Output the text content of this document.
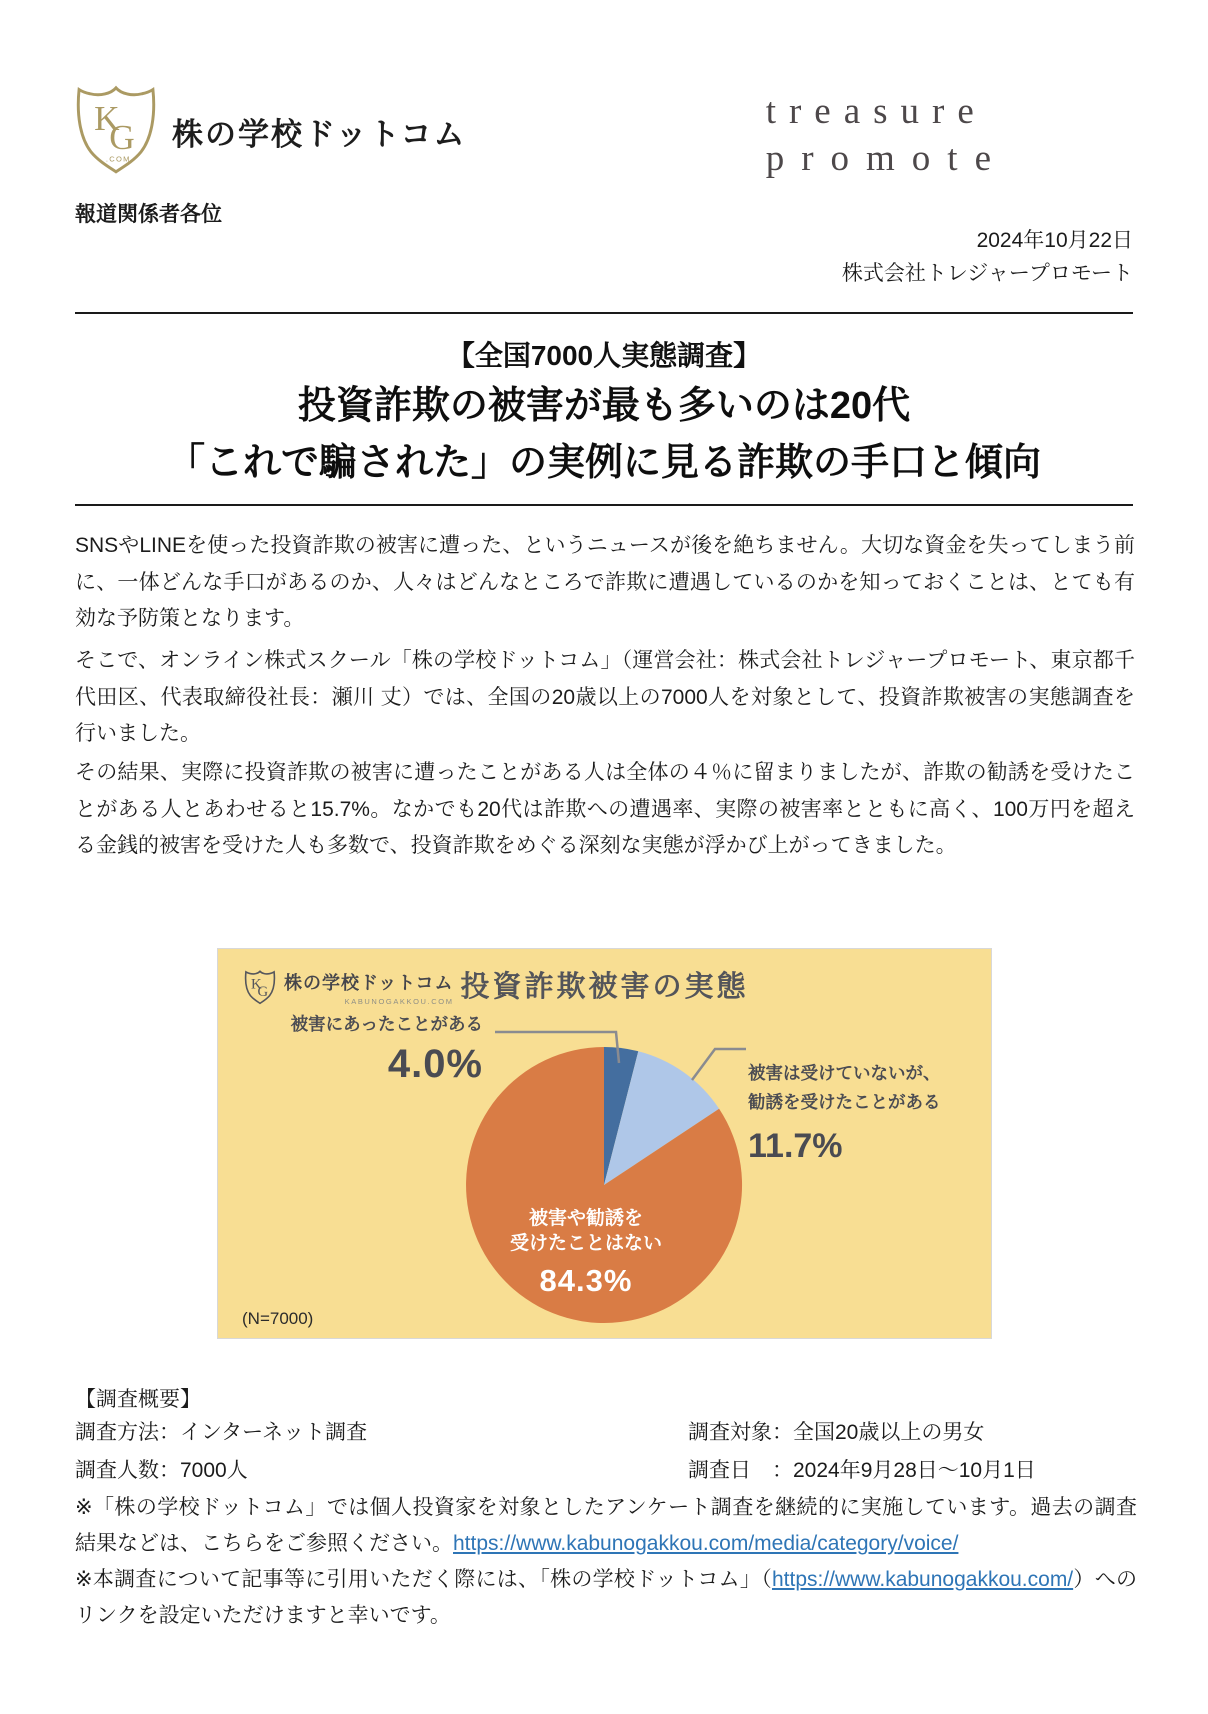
K
G
.COM
株の学校ドットコム
treasure
promote
報道関係者各位
2024年10月22日
株式会社トレジャープロモート
【全国7000人実態調査】
投資詐欺の被害が最も多いのは20代
「これで騙された」の実例に見る詐欺の手口と傾向

SNSやLINEを使った投資詐欺の被害に遭った、というニュースが後を絶ちません。大切な資金を失ってしまう前に、一体どんな手口があるのか、人々はどんなところで詐欺に遭遇しているのかを知っておくことは、とても有効な予防策となります。

そこで、オンライン株式スクール「株の学校ドットコム」（運営会社：株式会社トレジャープロモート、東京都千代田区、代表取締役社長：瀬川 丈）では、全国の20歳以上の7000人を対象として、投資詐欺被害の実態調査を行いました。

その結果、実際に投資詐欺の被害に遭ったことがある人は全体の４％に留まりましたが、詐欺の勧誘を受けたことがある人とあわせると15.7%。なかでも20代は詐欺への遭遇率、実際の被害率とともに高く、100万円を超える金銭的被害を受けた人も多数で、投資詐欺をめぐる深刻な実態が浮かび上がってきました。

K
G 株の学校ドットコム
KABUNOGAKKOU.COM 投資詐欺被害の実態
被害にあったことがある
4.0%	被害は受けていないが、
勧誘を受けたことがある
11.7%
被害や勧誘を
受けたことはない
84.3%
(N=7000)
【調査概要】
調査方法：インターネット調査
調査人数：7000人
調査対象：全国20歳以上の男女
調査日　：2024年9月28日～10月1日
※「株の学校ドットコム」では個人投資家を対象としたアンケート調査を継続的に実施しています。過去の調査結果などは、こちらをご参照ください。https://www.kabunogakkou.com/media/category/voice/
※本調査について記事等に引用いただく際には、「株の学校ドットコム」（https://www.kabunogakkou.com/）へのリンクを設定いただけますと幸いです。
